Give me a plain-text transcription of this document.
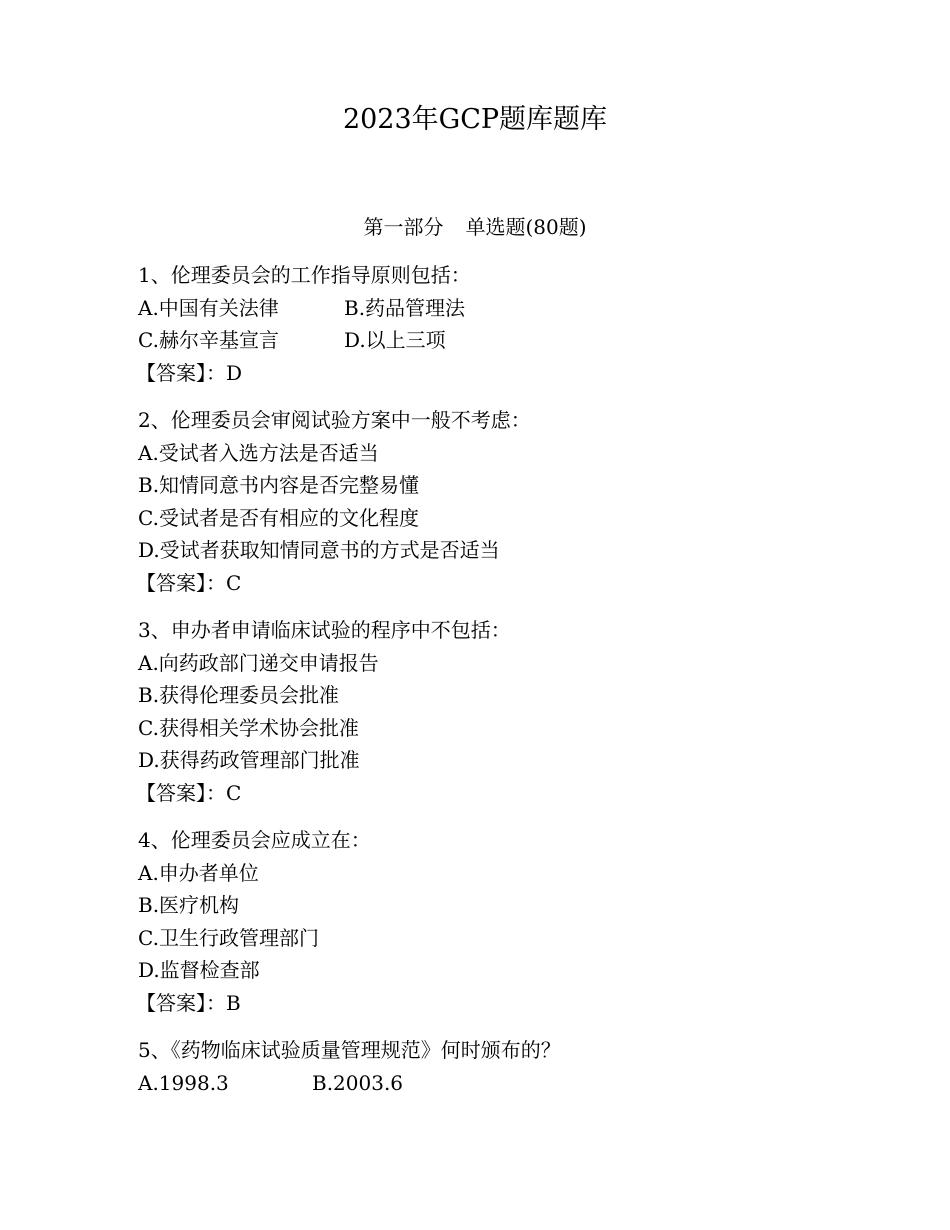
2023年GCP题库题库
第一部分 单选题(80题)
1、伦理委员会的工作指导原则包括：
A.中国有关法律	B.药品管理法
C.赫尔辛基宣言	D.以上三项
【答案】：D
2、伦理委员会审阅试验方案中一般不考虑：
A.受试者入选方法是否适当
B.知情同意书内容是否完整易懂
C.受试者是否有相应的文化程度
D.受试者获取知情同意书的方式是否适当
【答案】：C
3、申办者申请临床试验的程序中不包括：
A.向药政部门递交申请报告
B.获得伦理委员会批准
C.获得相关学术协会批准
D.获得药政管理部门批准
【答案】：C
4、伦理委员会应成立在：
A.申办者单位
B.医疗机构
C.卫生行政管理部门
D.监督检查部
【答案】：B
5、《药物临床试验质量管理规范》何时颁布的？
A.1998.3	B.2003.6
